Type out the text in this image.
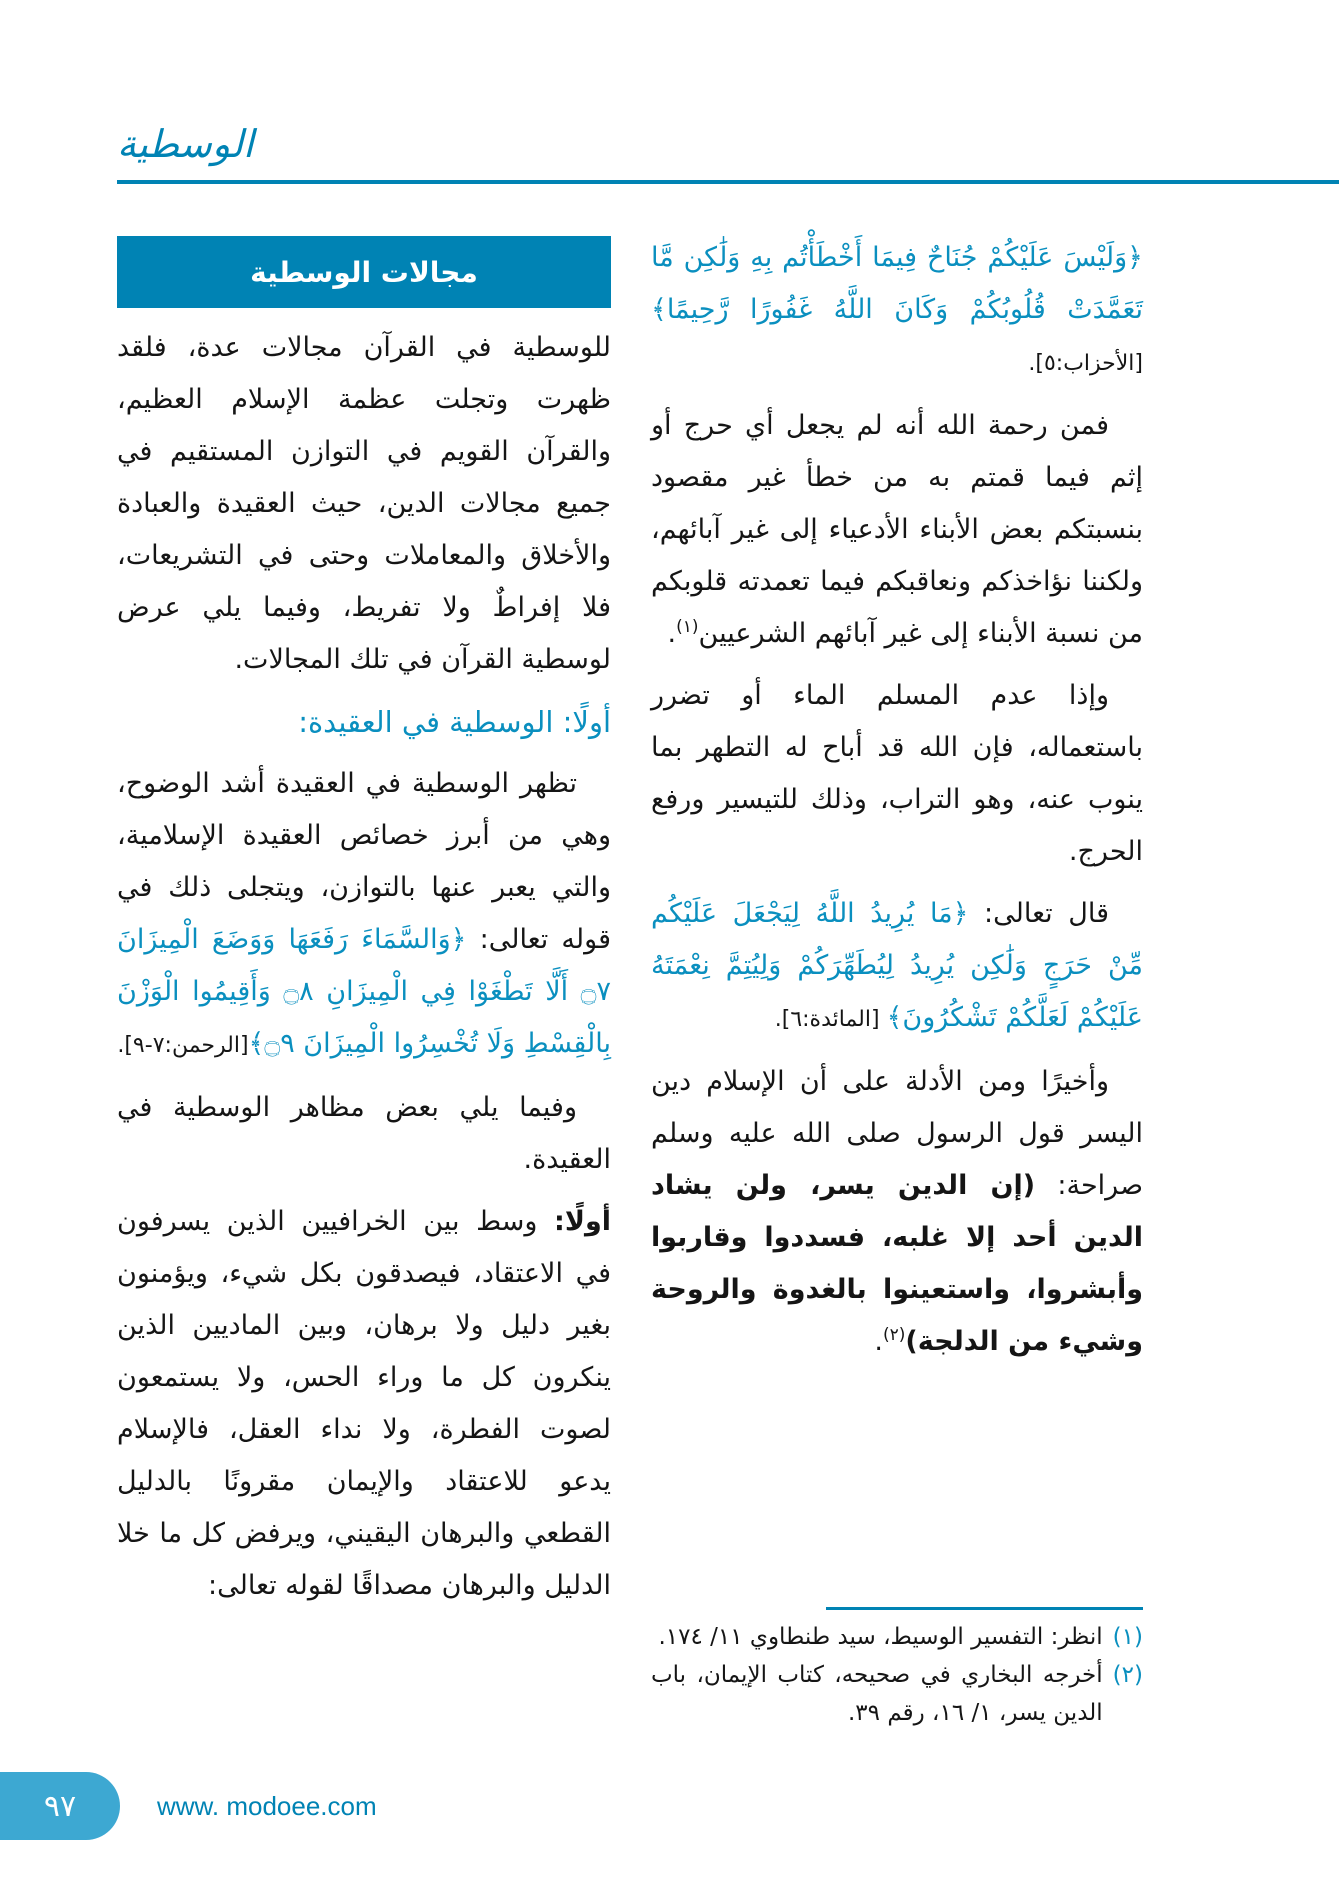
الوسطية

﴿وَلَيْسَ عَلَيْكُمْ جُنَاحٌ فِيمَا أَخْطَأْتُم بِهِ وَلَٰكِن مَّا تَعَمَّدَتْ قُلُوبُكُمْ وَكَانَ اللَّهُ غَفُورًا رَّحِيمًا﴾[الأحزاب:٥].

فمن رحمة الله أنه لم يجعل أي حرج أو إثم فيما قمتم به من خطأ غير مقصود بنسبتكم بعض الأبناء الأدعياء إلى غير آبائهم، ولكننا نؤاخذكم ونعاقبكم فيما تعمدته قلوبكم من نسبة الأبناء إلى غير آبائهم الشرعيين$^{(١)}$.

وإذا عدم المسلم الماء أو تضرر باستعماله، فإن الله قد أباح له التطهر بما ينوب عنه، وهو التراب، وذلك للتيسير ورفع الحرج.

قال تعالى: ﴿مَا يُرِيدُ اللَّهُ لِيَجْعَلَ عَلَيْكُم مِّنْ حَرَجٍ وَلَٰكِن يُرِيدُ لِيُطَهِّرَكُمْ وَلِيُتِمَّ نِعْمَتَهُ عَلَيْكُمْ لَعَلَّكُمْ تَشْكُرُونَ﴾ [المائدة:٦].

وأخيرًا ومن الأدلة على أن الإسلام دين اليسر قول الرسول صلى الله عليه وسلم صراحة: (إن الدين يسر، ولن يشاد الدين أحد إلا غلبه، فسددوا وقاربوا وأبشروا، واستعينوا بالغدوة والروحة وشيء من الدلجة)$^{(٢)}$.

(١)
انظر: التفسير الوسيط، سيد طنطاوي ١١/ ١٧٤.
(٢)
أخرجه البخاري في صحيحه، كتاب الإيمان، باب الدين يسر، ١/ ١٦، رقم ٣٩.
مجالات الوسطية

للوسطية في القرآن مجالات عدة، فلقد ظهرت وتجلت عظمة الإسلام العظيم، والقرآن القويم في التوازن المستقيم في جميع مجالات الدين، حيث العقيدة والعبادة والأخلاق والمعاملات وحتى في التشريعات، فلا إفراطٌ ولا تفريط، وفيما يلي عرض لوسطية القرآن في تلك المجالات.

أولًا: الوسطية في العقيدة:

تظهر الوسطية في العقيدة أشد الوضوح، وهي من أبرز خصائص العقيدة الإسلامية، والتي يعبر عنها بالتوازن، ويتجلى ذلك في قوله تعالى: ﴿وَالسَّمَاءَ رَفَعَهَا وَوَضَعَ الْمِيزَانَ ۝٧ أَلَّا تَطْغَوْا فِي الْمِيزَانِ ۝٨ وَأَقِيمُوا الْوَزْنَ بِالْقِسْطِ وَلَا تُخْسِرُوا الْمِيزَانَ ۝٩﴾[الرحمن:٧-٩].

وفيما يلي بعض مظاهر الوسطية في العقيدة.

أولًا: وسط بين الخرافيين الذين يسرفون في الاعتقاد، فيصدقون بكل شيء، ويؤمنون بغير دليل ولا برهان، وبين الماديين الذين ينكرون كل ما وراء الحس، ولا يستمعون لصوت الفطرة، ولا نداء العقل، فالإسلام يدعو للاعتقاد والإيمان مقرونًا بالدليل القطعي والبرهان اليقيني، ويرفض كل ما خلا الدليل والبرهان مصداقًا لقوله تعالى:

٩٧	www. modoee.com
